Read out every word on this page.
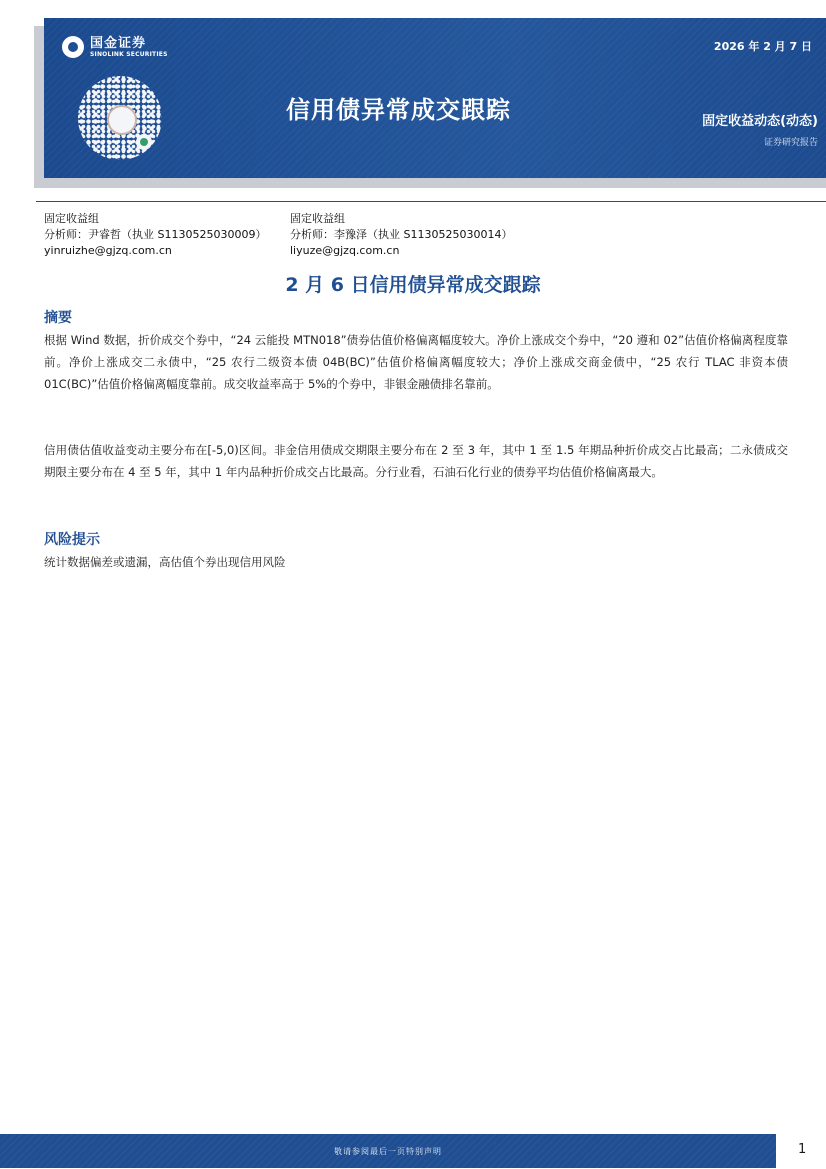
国金证券
SINOLINK SECURITIES
2026 年 2 月 7 日
信用债异常成交跟踪	固定收益动态(动态)
证券研究报告
固定收益组
分析师：尹睿哲（执业 S1130525030009）
yinruizhe@gjzq.com.cn
固定收益组
分析师：李豫泽（执业 S1130525030014）
liyuze@gjzq.com.cn
2 月 6 日信用债异常成交跟踪
摘要
根据 Wind 数据，折价成交个券中，“24 云能投 MTN018”债券估值价格偏离幅度较大。净价上涨成交个券中，“20 遵和 02”估值价格偏离程度靠前。净价上涨成交二永债中，“25 农行二级资本债 04B(BC)”估值价格偏离幅度较大；净价上涨成交商金债中，“25 农行 TLAC 非资本债 01C(BC)”估值价格偏离幅度靠前。成交收益率高于 5%的个券中，非银金融债排名靠前。
信用债估值收益变动主要分布在[-5,0)区间。非金信用债成交期限主要分布在 2 至 3 年，其中 1 至 1.5 年期品种折价成交占比最高；二永债成交期限主要分布在 4 至 5 年，其中 1 年内品种折价成交占比最高。分行业看，石油石化行业的债券平均估值价格偏离最大。
风险提示
统计数据偏差或遗漏，高估值个券出现信用风险
敬请参阅最后一页特别声明	1
